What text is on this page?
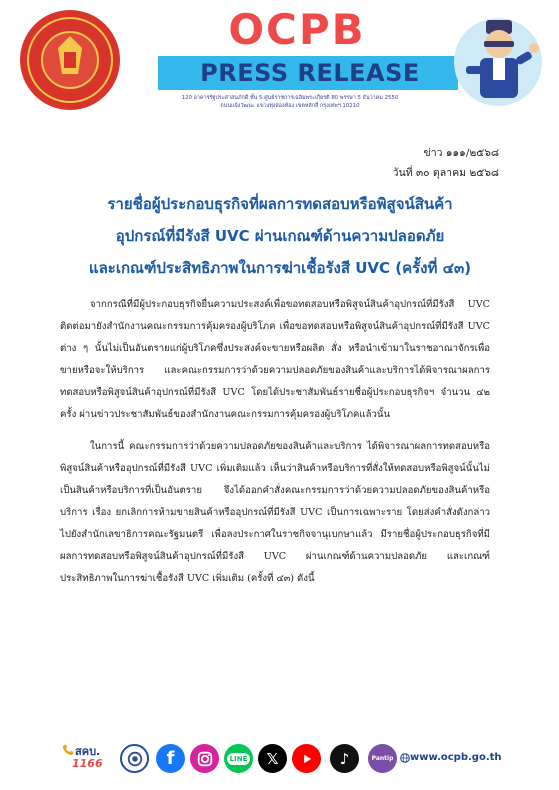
OCPB
PRESS RELEASE
120 อาคารรัฐประศาสนภักดี ชั้น 5 ศูนย์ราชการเฉลิมพระเกียรติ 80 พรรษา 5 ธันวาคม 2550
ถนนแจ้งวัฒนะ แขวงทุ่งสองห้อง เขตหลักสี่ กรุงเทพฯ 10210
ข่าว ๑๑๑/๒๕๖๘
วันที่ ๓๐ ตุลาคม ๒๕๖๘
รายชื่อผู้ประกอบธุรกิจที่ผลการทดสอบหรือพิสูจน์สินค้า
อุปกรณ์ที่มีรังสี UVC ผ่านเกณฑ์ด้านความปลอดภัย
และเกณฑ์ประสิทธิภาพในการฆ่าเชื้อรังสี UVC (ครั้งที่ ๔๓)
จากกรณีที่มีผู้ประกอบธุรกิจยื่นความประสงค์เพื่อขอทดสอบหรือพิสูจน์สินค้าอุปกรณ์ที่มีรังสี UVC ติดต่อมายังสำนักงานคณะกรรมการคุ้มครองผู้บริโภค เพื่อขอทดสอบหรือพิสูจน์สินค้าอุปกรณ์ที่มีรังสี UVC ต่าง ๆ นั้นไม่เป็นอันตรายแก่ผู้บริโภคซึ่งประสงค์จะขายหรือผลิต สั่ง หรือนำเข้ามาในราชอาณาจักรเพื่อขายหรือจะให้บริการ และคณะกรรมการว่าด้วยความปลอดภัยของสินค้าและบริการได้พิจารณาผลการทดสอบหรือพิสูจน์สินค้าอุปกรณ์ที่มีรังสี UVC โดยได้ประชาสัมพันธ์รายชื่อผู้ประกอบธุรกิจฯ จำนวน ๔๒ ครั้ง ผ่านข่าวประชาสัมพันธ์ของสำนักงานคณะกรรมการคุ้มครองผู้บริโภคแล้วนั้น
ในการนี้ คณะกรรมการว่าด้วยความปลอดภัยของสินค้าและบริการ ได้พิจารณาผลการทดสอบหรือพิสูจน์สินค้าหรืออุปกรณ์ที่มีรังสี UVC เพิ่มเติมแล้ว เห็นว่าสินค้าหรือบริการที่สั่งให้ทดสอบหรือพิสูจน์นั้นไม่เป็นสินค้าหรือบริการที่เป็นอันตราย จึงได้ออกคำสั่งคณะกรรมการว่าด้วยความปลอดภัยของสินค้าหรือบริการ เรื่อง ยกเลิกการห้ามขายสินค้าหรืออุปกรณ์ที่มีรังสี UVC เป็นการเฉพาะราย โดยส่งคำสั่งดังกล่าวไปยังสำนักเลขาธิการคณะรัฐมนตรี เพื่อลงประกาศในราชกิจจานุเบกษาแล้ว มีรายชื่อผู้ประกอบธุรกิจที่มีผลการทดสอบหรือพิสูจน์สินค้าอุปกรณ์ที่มีรังสี UVC ผ่านเกณฑ์ด้านความปลอดภัย และเกณฑ์ประสิทธิภาพในการฆ่าเชื้อรังสี UVC เพิ่มเติม (ครั้งที่ ๔๓) ดังนี้
สคบ.
1166	f	LINE 𝕏	♪	Pantip www.ocpb.go.th
